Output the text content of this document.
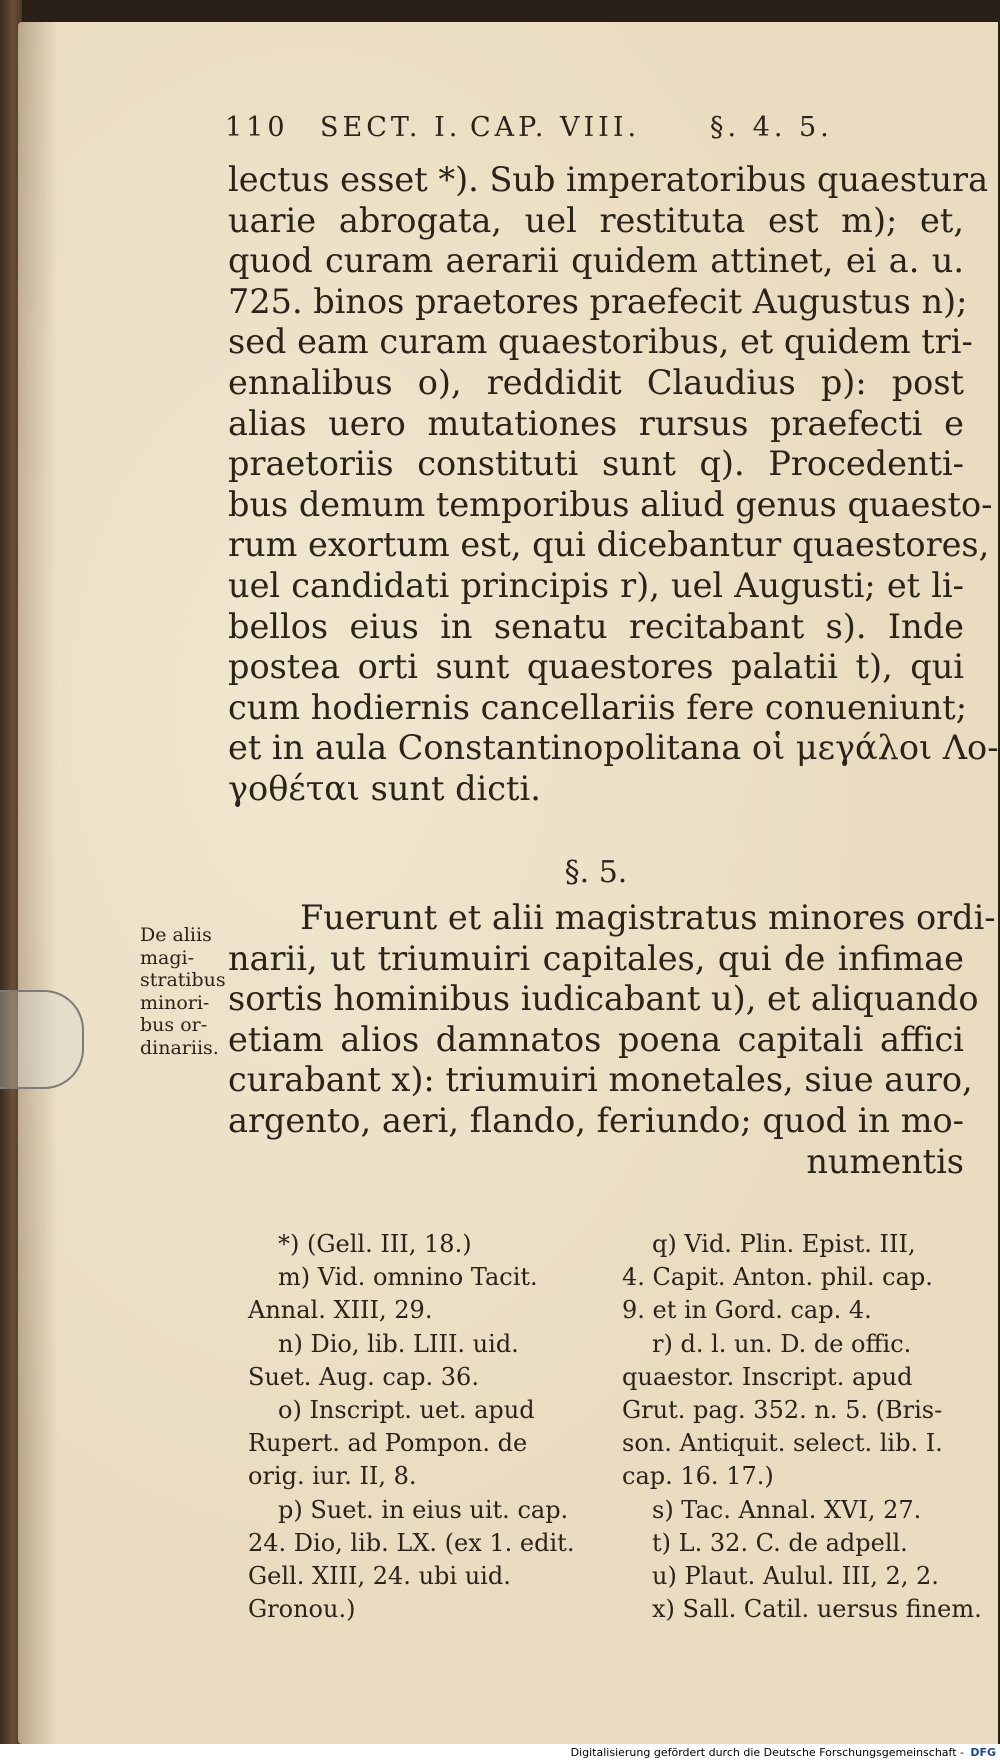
110 SECT. I. CAP. VIII.	§. 4. 5.
lectus esset *). Sub imperatoribus quaestura
uarie abrogata, uel restituta est m); et,
quod curam aerarii quidem attinet, ei a. u.
725. binos praetores praefecit Augustus n);
sed eam curam quaestoribus, et quidem tri-
ennalibus o), reddidit Claudius p): post
alias uero mutationes rursus praefecti e
praetoriis constituti sunt q). Procedenti-
bus demum temporibus aliud genus quaesto-
rum exortum est, qui dicebantur quaestores,
uel candidati principis r), uel Augusti; et li-
bellos eius in senatu recitabant s). Inde
postea orti sunt quaestores palatii t), qui
cum hodiernis cancellariis fere conueniunt;
et in aula Constantinopolitana οἱ μεγάλοι Λο-
γοθέται sunt dicti.
§. 5.
De aliis
magi-
stratibus
minori-
bus or-
dinariis.
Fuerunt et alii magistratus minores ordi-
narii, ut triumuiri capitales, qui de infimae
sortis hominibus iudicabant u), et aliquando
etiam alios damnatos poena capitali affici
curabant x): triumuiri monetales, siue auro,
argento, aeri, flando, feriundo; quod in mo-
numentis
*) (Gell. III, 18.)
m) Vid. omnino Tacit.
Annal. XIII, 29.
n) Dio, lib. LIII. uid.
Suet. Aug. cap. 36.
o) Inscript. uet. apud
Rupert. ad Pompon. de
orig. iur. II, 8.
p) Suet. in eius uit. cap.
24. Dio, lib. LX. (ex 1. edit.
Gell. XIII, 24. ubi uid.
Gronou.)
q) Vid. Plin. Epist. III,
4. Capit. Anton. phil. cap.
9. et in Gord. cap. 4.
r) d. l. un. D. de offic.
quaestor. Inscript. apud
Grut. pag. 352. n. 5. (Bris-
son. Antiquit. select. lib. I.
cap. 16. 17.)
s) Tac. Annal. XVI, 27.
t) L. 32. C. de adpell.
u) Plaut. Aulul. III, 2, 2.
x) Sall. Catil. uersus finem.
Digitalisierung gefördert durch die Deutsche Forschungsgemeinschaft - DFG
